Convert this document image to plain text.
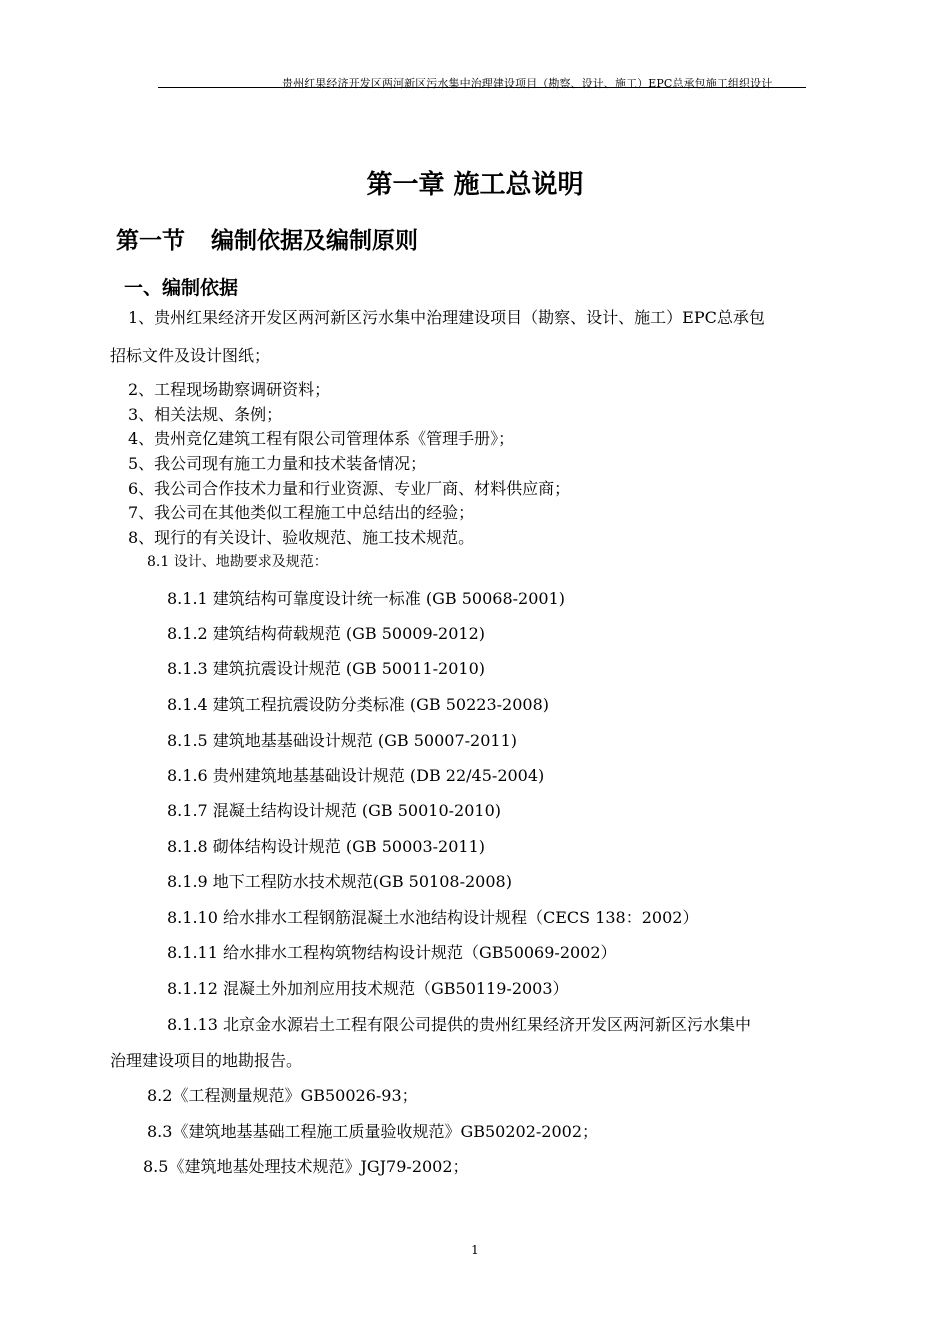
贵州红果经济开发区两河新区污水集中治理建设项目（勘察、设计、施工）EPC总承包施工组织设计
第一章 施工总说明
第一节 编制依据及编制原则
一、编制依据
1、贵州红果经济开发区两河新区污水集中治理建设项目（勘察、设计、施工）EPC总承包
招标文件及设计图纸；
2、工程现场勘察调研资料；
3、相关法规、条例；
4、贵州竞亿建筑工程有限公司管理体系《管理手册》；
5、我公司现有施工力量和技术装备情况；
6、我公司合作技术力量和行业资源、专业厂商、材料供应商；
7、我公司在其他类似工程施工中总结出的经验；
8、现行的有关设计、验收规范、施工技术规范。
8.1 设计、地勘要求及规范：
8.1.1 建筑结构可靠度设计统一标准 (GB 50068-2001)
8.1.2 建筑结构荷载规范 (GB 50009-2012)
8.1.3 建筑抗震设计规范 (GB 50011-2010)
8.1.4 建筑工程抗震设防分类标准 (GB 50223-2008)
8.1.5 建筑地基基础设计规范 (GB 50007-2011)
8.1.6 贵州建筑地基基础设计规范 (DB 22/45-2004)
8.1.7 混凝土结构设计规范 (GB 50010-2010)
8.1.8 砌体结构设计规范 (GB 50003-2011)
8.1.9 地下工程防水技术规范(GB 50108-2008)
8.1.10 给水排水工程钢筋混凝土水池结构设计规程（CECS 138：2002）
8.1.11 给水排水工程构筑物结构设计规范（GB50069-2002）
8.1.12 混凝土外加剂应用技术规范（GB50119-2003）
8.1.13 北京金水源岩土工程有限公司提供的贵州红果经济开发区两河新区污水集中
治理建设项目的地勘报告。
8.2《工程测量规范》GB50026-93；
8.3《建筑地基基础工程施工质量验收规范》GB50202-2002；
8.5《建筑地基处理技术规范》JGJ79-2002；
1
